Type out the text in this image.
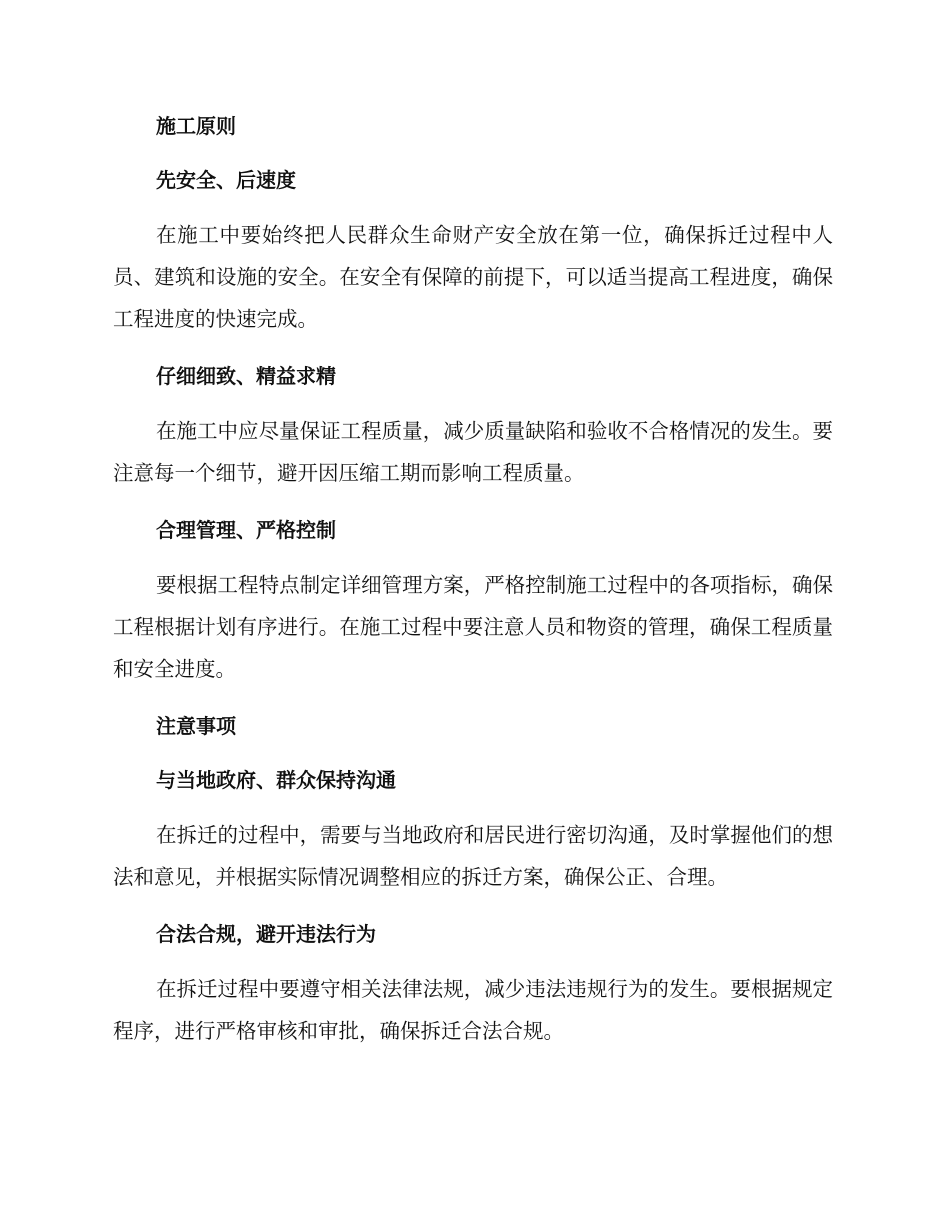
施工原则
先安全、后速度

在施工中要始终把人民群众生命财产安全放在第一位，确保拆迁过程中人员、建筑和设施的安全。在安全有保障的前提下，可以适当提高工程进度，确保工程进度的快速完成。

仔细细致、精益求精

在施工中应尽量保证工程质量，减少质量缺陷和验收不合格情况的发生。要注意每一个细节，避开因压缩工期而影响工程质量。

合理管理、严格控制

要根据工程特点制定详细管理方案，严格控制施工过程中的各项指标，确保工程根据计划有序进行。在施工过程中要注意人员和物资的管理，确保工程质量和安全进度。

注意事项
与当地政府、群众保持沟通

在拆迁的过程中，需要与当地政府和居民进行密切沟通，及时掌握他们的想法和意见，并根据实际情况调整相应的拆迁方案，确保公正、合理。

合法合规，避开违法行为

在拆迁过程中要遵守相关法律法规，减少违法违规行为的发生。要根据规定程序，进行严格审核和审批，确保拆迁合法合规。
